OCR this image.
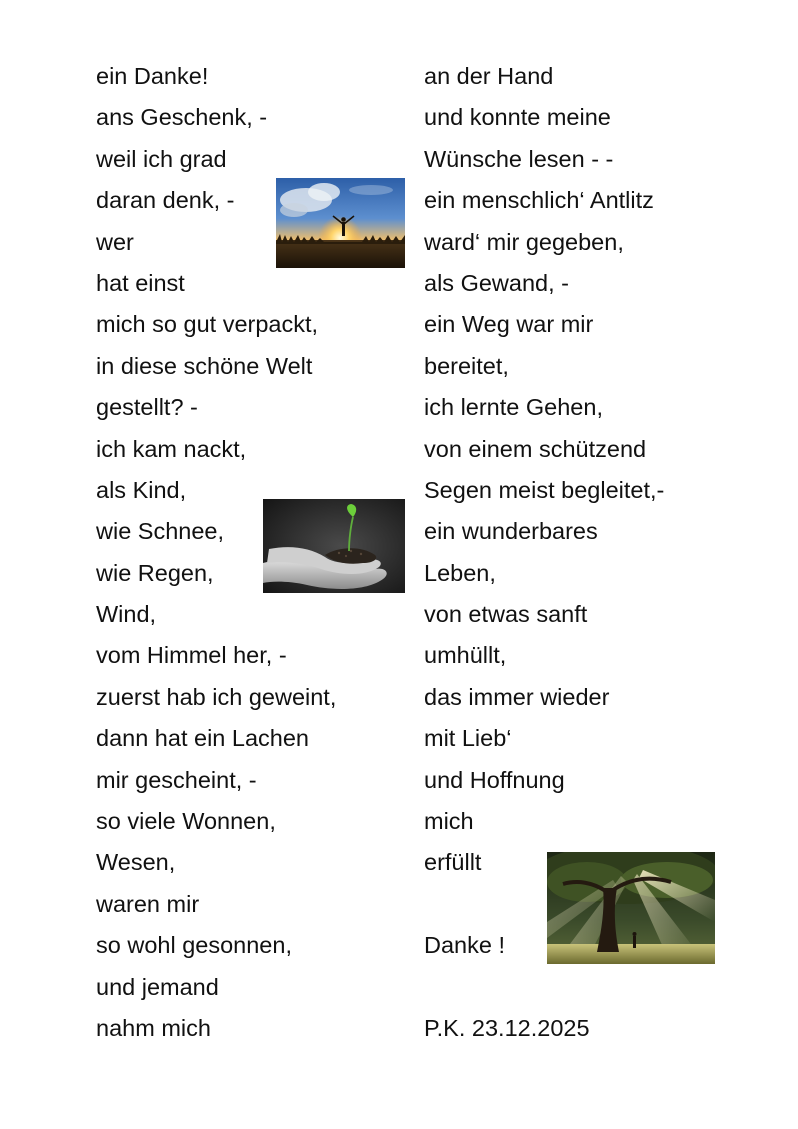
ein Danke!
ans Geschenk, -
weil ich grad
daran denk, -
wer
hat einst
mich so gut verpackt,
in diese schöne Welt
gestellt? -
ich kam nackt,
als Kind,
wie Schnee,
wie Regen,
Wind,
vom Himmel her, -
zuerst hab ich geweint,
dann hat ein Lachen
mir gescheint, -
so viele Wonnen,
Wesen,
waren mir
so wohl gesonnen,
und jemand
nahm mich
an der Hand
und konnte meine
Wünsche lesen - -
ein menschlich‘ Antlitz
ward‘ mir gegeben,
als Gewand, -
ein Weg war mir
bereitet,
ich lernte Gehen,
von einem schützend
Segen meist begleitet,-
ein wunderbares
Leben,
von etwas sanft
umhüllt,
das immer wieder
mit Lieb‘
und Hoffnung
mich
erfüllt
Danke !
P.K. 23.12.2025
